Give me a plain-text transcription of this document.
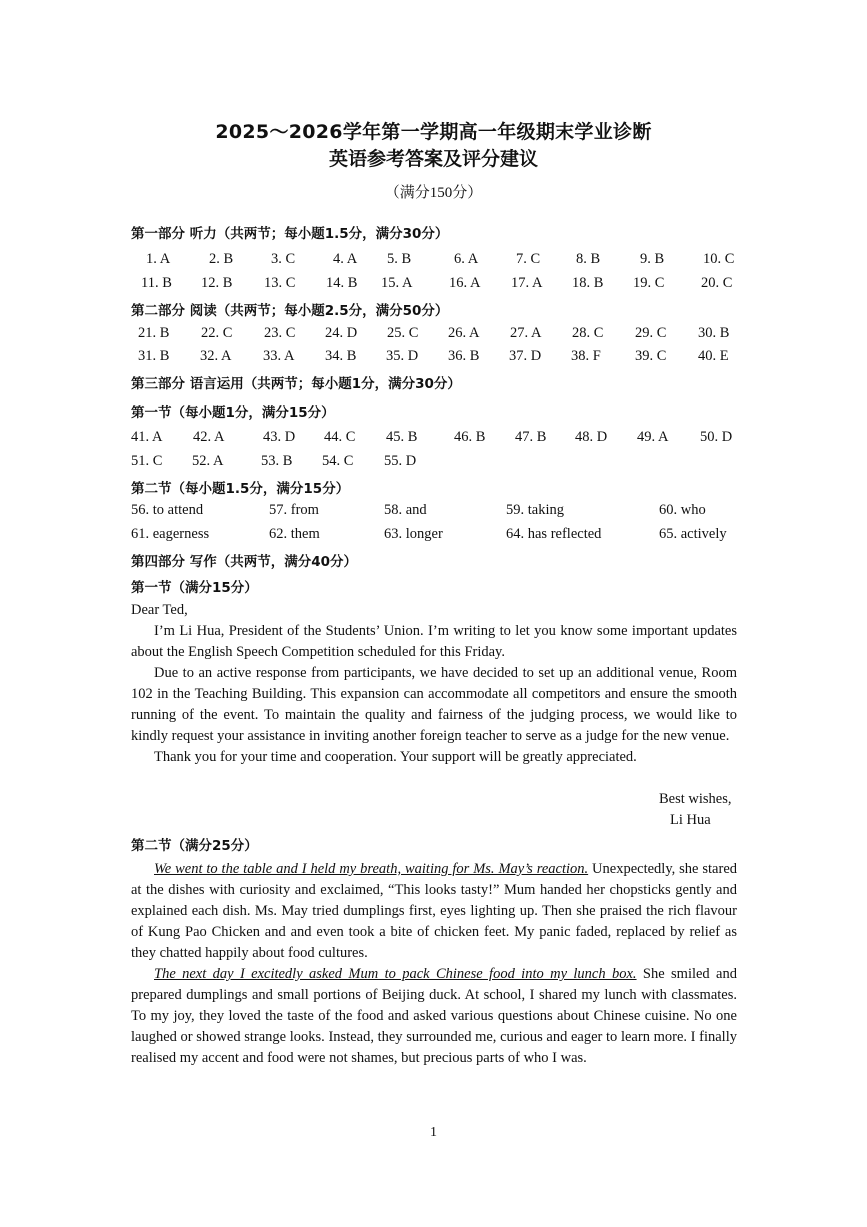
2025～2026学年第一学期高一年级期末学业诊断
英语参考答案及评分建议
（满分150分）
第一部分 听力（共两节；每小题1.5分，满分30分）
1. A	2. B	3. C	4. A 5. B	6. A	7. C 8. B	9. B	10. C
11. B 12. B 13. C 14. B 15. A	16. A 17. A 18. B 19. C	20. C
第二部分 阅读（共两节；每小题2.5分，满分50分）
21. B 22. C 23. C 24. D 25. C 26. A 27. A 28. C 29. C 30. B
31. B 32. A 33. A 34. B 35. D 36. B 37. D 38. F 39. C 40. E
第三部分 语言运用（共两节；每小题1分，满分30分）
第一节（每小题1分，满分15分）
41. A 42. A	43. D 44. C 45. B	46. B 47. B 48. D 49. A 50. D
51. C 52. A	53. B 54. C 55. D
第二节（每小题1.5分，满分15分）
56. to attend	57. from	58. and	59. taking	60. who
61. eagerness	62. them	63. longer	64. has reflected	65. actively
第四部分 写作（共两节，满分40分）
第一节（满分15分）

Dear Ted,

I’m Li Hua, President of the Students’ Union. I’m writing to let you know some important updates about the English Speech Competition scheduled for this Friday.

Due to an active response from participants, we have decided to set up an additional venue, Room 102 in the Teaching Building. This expansion can accommodate all competitors and ensure the smooth running of the event. To maintain the quality and fairness of the judging process, we would like to kindly request your assistance in inviting another foreign teacher to serve as a judge for the new venue.

Thank you for your time and cooperation. Your support will be greatly appreciated.

Best wishes,
Li Hua
第二节（满分25分）

We went to the table and I held my breath, waiting for Ms. May’s reaction. Unexpectedly, she stared at the dishes with curiosity and exclaimed, “This looks tasty!” Mum handed her chopsticks gently and explained each dish. Ms. May tried dumplings first, eyes lighting up. Then she praised the rich flavour of Kung Pao Chicken and and even took a bite of chicken feet. My panic faded, replaced by relief as they chatted happily about food cultures.

The next day I excitedly asked Mum to pack Chinese food into my lunch box. She smiled and prepared dumplings and small portions of Beijing duck. At school, I shared my lunch with classmates. To my joy, they loved the taste of the food and asked various questions about Chinese cuisine. No one laughed or showed strange looks. Instead, they surrounded me, curious and eager to learn more. I finally realised my accent and food were not shames, but precious parts of who I was.

1
